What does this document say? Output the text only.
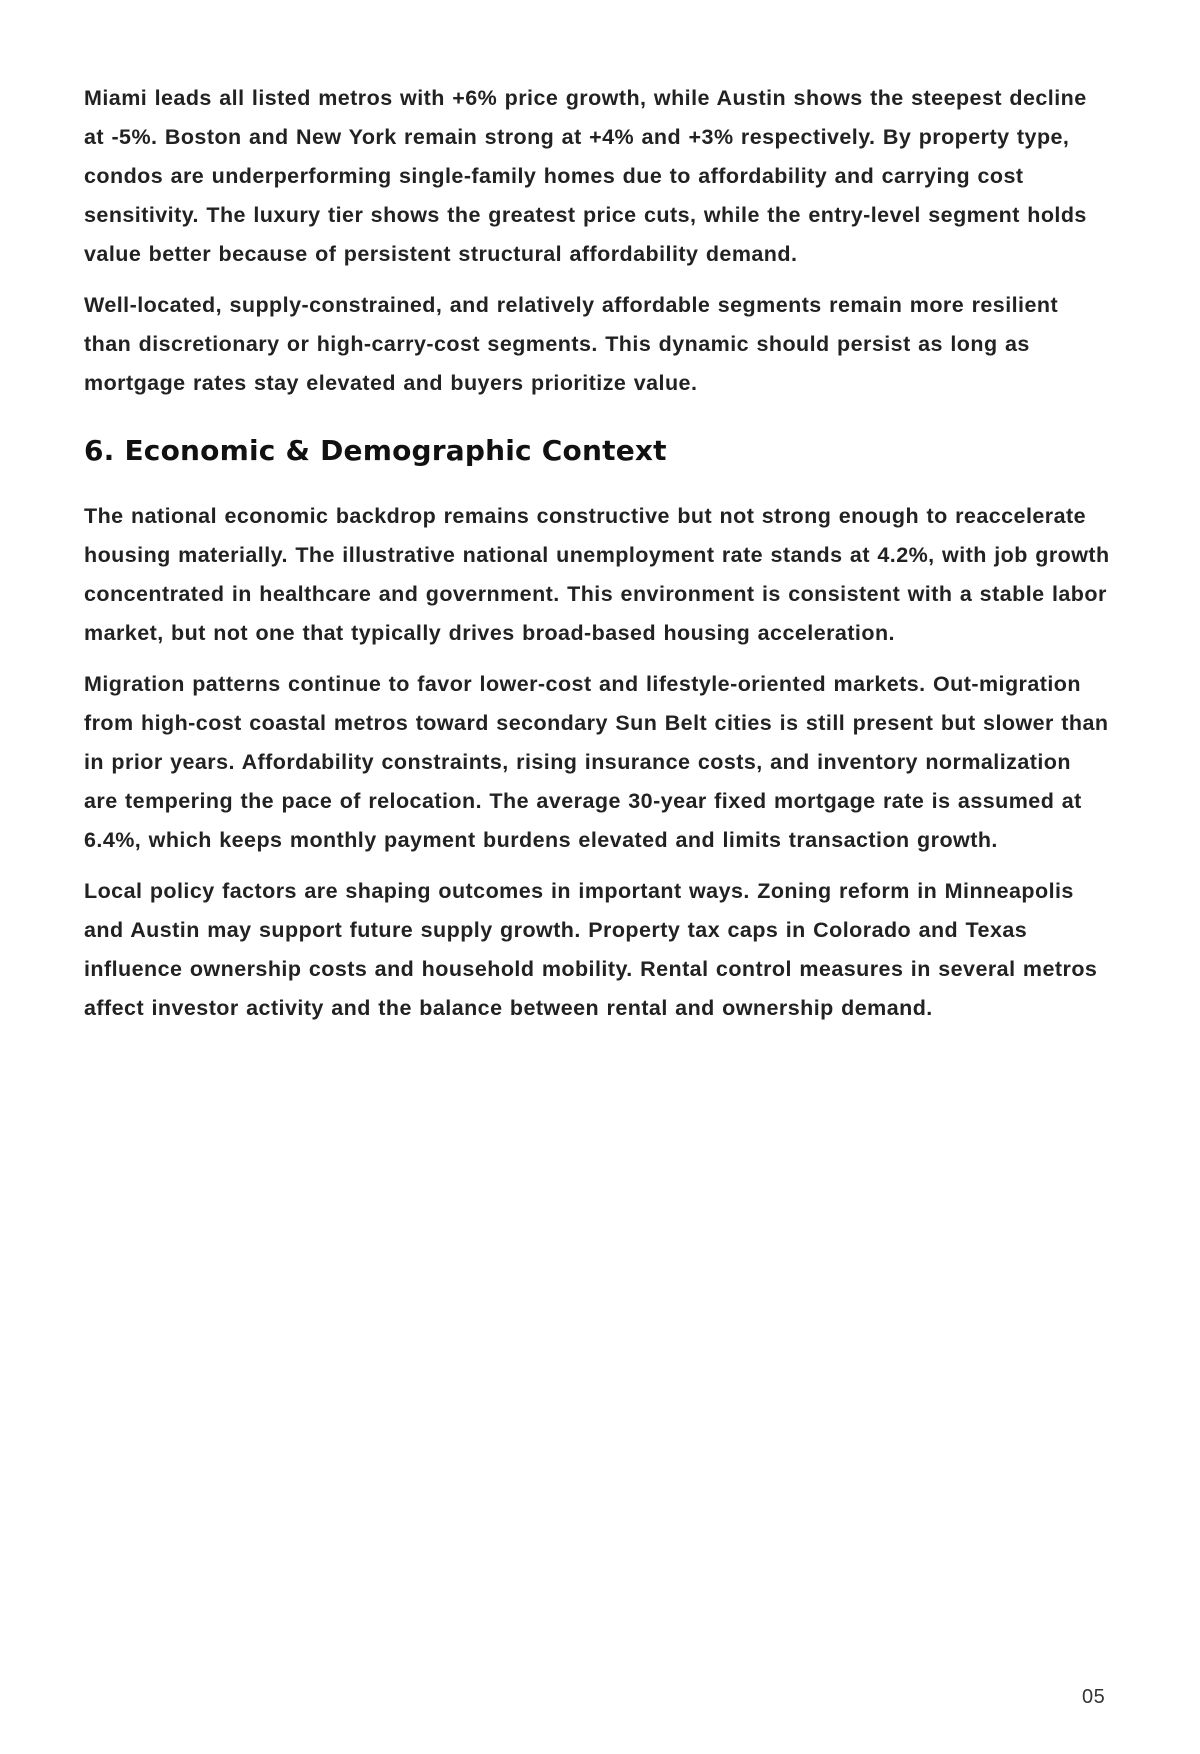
Miami leads all listed metros with +6% price growth, while Austin shows the steepest decline at -5%. Boston and New York remain strong at +4% and +3% respectively. By property type, condos are underperforming single-family homes due to affordability and carrying cost sensitivity. The luxury tier shows the greatest price cuts, while the entry-level segment holds value better because of persistent structural affordability demand.

Well-located, supply-constrained, and relatively affordable segments remain more resilient than discretionary or high-carry-cost segments. This dynamic should persist as long as mortgage rates stay elevated and buyers prioritize value.

6. Economic & Demographic Context

The national economic backdrop remains constructive but not strong enough to reaccelerate housing materially. The illustrative national unemployment rate stands at 4.2%, with job growth concentrated in healthcare and government. This environment is consistent with a stable labor market, but not one that typically drives broad-based housing acceleration.

Migration patterns continue to favor lower-cost and lifestyle-oriented markets. Out-migration from high-cost coastal metros toward secondary Sun Belt cities is still present but slower than in prior years. Affordability constraints, rising insurance costs, and inventory normalization are tempering the pace of relocation. The average 30-year fixed mortgage rate is assumed at 6.4%, which keeps monthly payment burdens elevated and limits transaction growth.

Local policy factors are shaping outcomes in important ways. Zoning reform in Minneapolis and Austin may support future supply growth. Property tax caps in Colorado and Texas influence ownership costs and household mobility. Rental control measures in several metros affect investor activity and the balance between rental and ownership demand.

05
